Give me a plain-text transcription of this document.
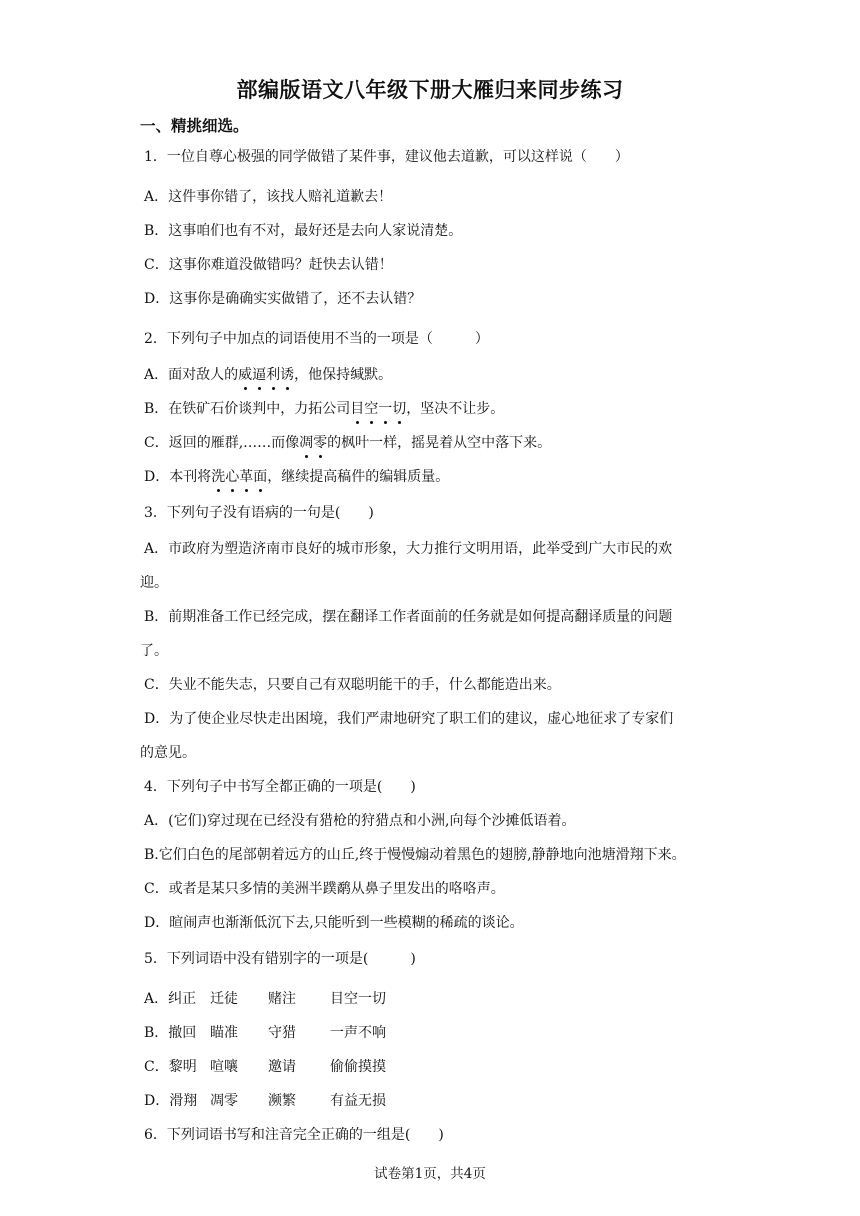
部编版语文八年级下册大雁归来同步练习
一、精挑细选。
1．一位自尊心极强的同学做错了某件事，建议他去道歉，可以这样说（　　）
A．这件事你错了，该找人赔礼道歉去！
B．这事咱们也有不对，最好还是去向人家说清楚。
C．这事你难道没做错吗？赶快去认错！
D．这事你是确确实实做错了，还不去认错？
2．下列句子中加点的词语使用不当的一项是（　　　）
A．面对敌人的威逼利诱，他保持缄默。
B．在铁矿石价谈判中，力拓公司目空一切，坚决不让步。
C．返回的雁群,……而像凋零的枫叶一样，摇晃着从空中落下来。
D．本刊将洗心革面，继续提高稿件的编辑质量。
3．下列句子没有语病的一句是(　　)
A．市政府为塑造济南市良好的城市形象，大力推行文明用语，此举受到广大市民的欢
迎。
B．前期准备工作已经完成，摆在翻译工作者面前的任务就是如何提高翻译质量的问题
了。
C．失业不能失志，只要自己有双聪明能干的手，什么都能造出来。
D．为了使企业尽快走出困境，我们严肃地研究了职工们的建议，虚心地征求了专家们
的意见。
4．下列句子中书写全都正确的一项是(　　)
A．(它们)穿过现在已经没有猎枪的狩猎点和小洲,向每个沙摊低语着。
B.它们白色的尾部朝着远方的山丘,终于慢慢煽动着黑色的翅膀,静静地向池塘滑翔下来。
C．或者是某只多情的美洲半蹼鹬从鼻子里发出的咯咯声。
D．暄闹声也渐渐低沉下去,只能听到一些模糊的稀疏的谈论。
5．下列词语中没有错别字的一项是(　　　)
A．纠正 迁徒 赌注 目空一切
B．撤回 瞄准 守猎 一声不响
C．黎明 喧嚷 邀请 偷偷摸摸
D．滑翔 凋零 濒繁 有益无损
6．下列词语书写和注音完全正确的一组是(　　)
试卷第1页，共4页
